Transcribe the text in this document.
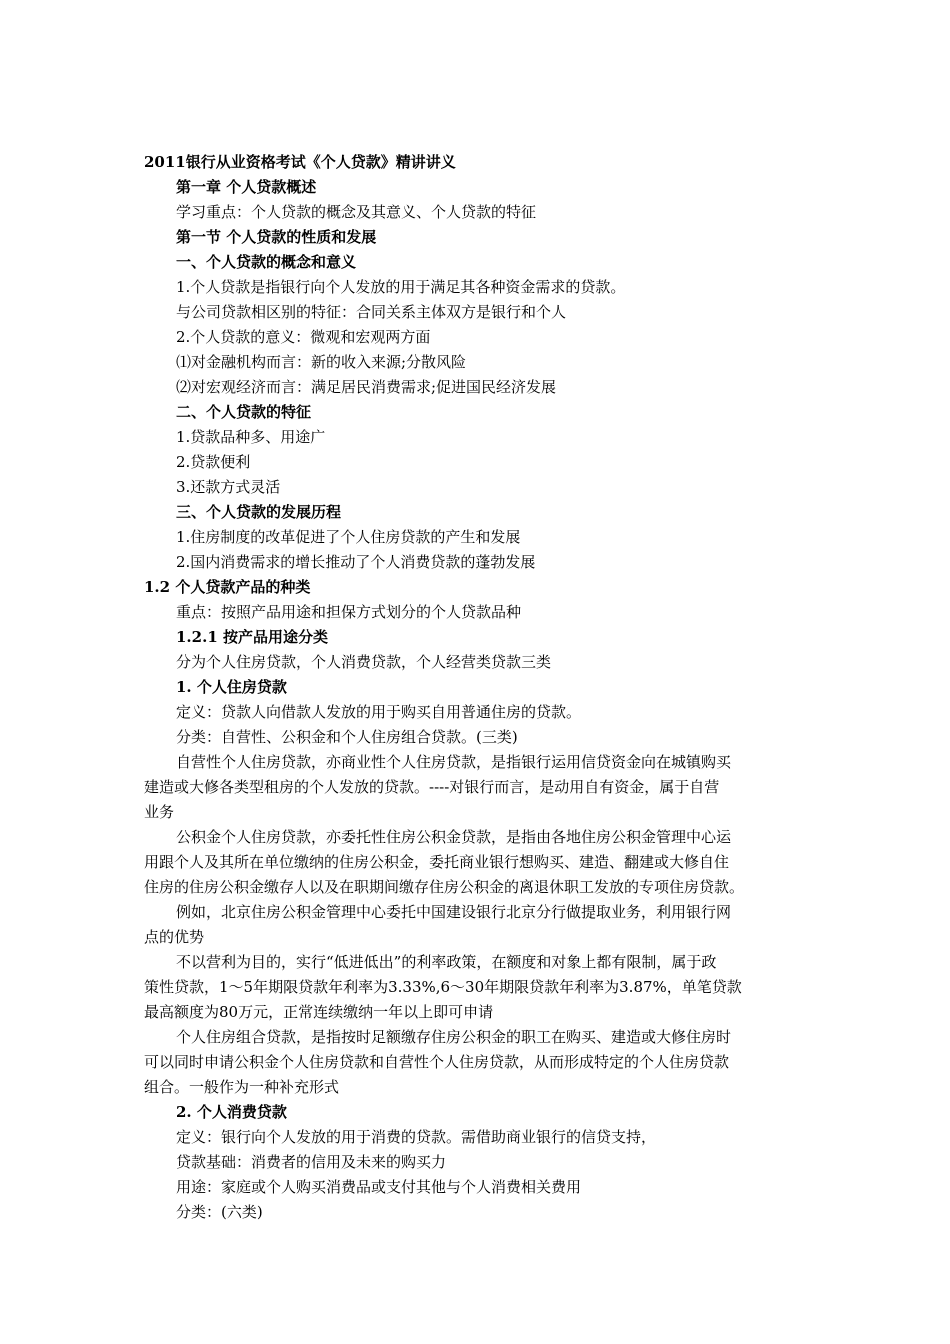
2011银行从业资格考试《个人贷款》精讲讲义
第一章 个人贷款概述
学习重点：个人贷款的概念及其意义、个人贷款的特征
第一节 个人贷款的性质和发展
一、个人贷款的概念和意义
1.个人贷款是指银行向个人发放的用于满足其各种资金需求的贷款。
与公司贷款相区别的特征：合同关系主体双方是银行和个人
2.个人贷款的意义：微观和宏观两方面
⑴对金融机构而言：新的收入来源;分散风险
⑵对宏观经济而言：满足居民消费需求;促进国民经济发展
二、个人贷款的特征
1.贷款品种多、用途广
2.贷款便利
3.还款方式灵活
三、个人贷款的发展历程
1.住房制度的改革促进了个人住房贷款的产生和发展
2.国内消费需求的增长推动了个人消费贷款的蓬勃发展
1.2 个人贷款产品的种类
重点：按照产品用途和担保方式划分的个人贷款品种
1.2.1 按产品用途分类
分为个人住房贷款，个人消费贷款，个人经营类贷款三类
1. 个人住房贷款
定义：贷款人向借款人发放的用于购买自用普通住房的贷款。
分类：自营性、公积金和个人住房组合贷款。(三类)
自营性个人住房贷款，亦商业性个人住房贷款，是指银行运用信贷资金向在城镇购买
建造或大修各类型租房的个人发放的贷款。----对银行而言，是动用自有资金，属于自营
业务
公积金个人住房贷款，亦委托性住房公积金贷款，是指由各地住房公积金管理中心运
用跟个人及其所在单位缴纳的住房公积金，委托商业银行想购买、建造、翻建或大修自住
住房的住房公积金缴存人以及在职期间缴存住房公积金的离退休职工发放的专项住房贷款。
例如，北京住房公积金管理中心委托中国建设银行北京分行做提取业务，利用银行网
点的优势
不以营利为目的，实行“低进低出”的利率政策，在额度和对象上都有限制，属于政
策性贷款，1～5年期限贷款年利率为3.33%,6～30年期限贷款年利率为3.87%，单笔贷款
最高额度为80万元，正常连续缴纳一年以上即可申请
个人住房组合贷款，是指按时足额缴存住房公积金的职工在购买、建造或大修住房时
可以同时申请公积金个人住房贷款和自营性个人住房贷款，从而形成特定的个人住房贷款
组合。一般作为一种补充形式
2. 个人消费贷款
定义：银行向个人发放的用于消费的贷款。需借助商业银行的信贷支持，
贷款基础：消费者的信用及未来的购买力
用途：家庭或个人购买消费品或支付其他与个人消费相关费用
分类：(六类)
